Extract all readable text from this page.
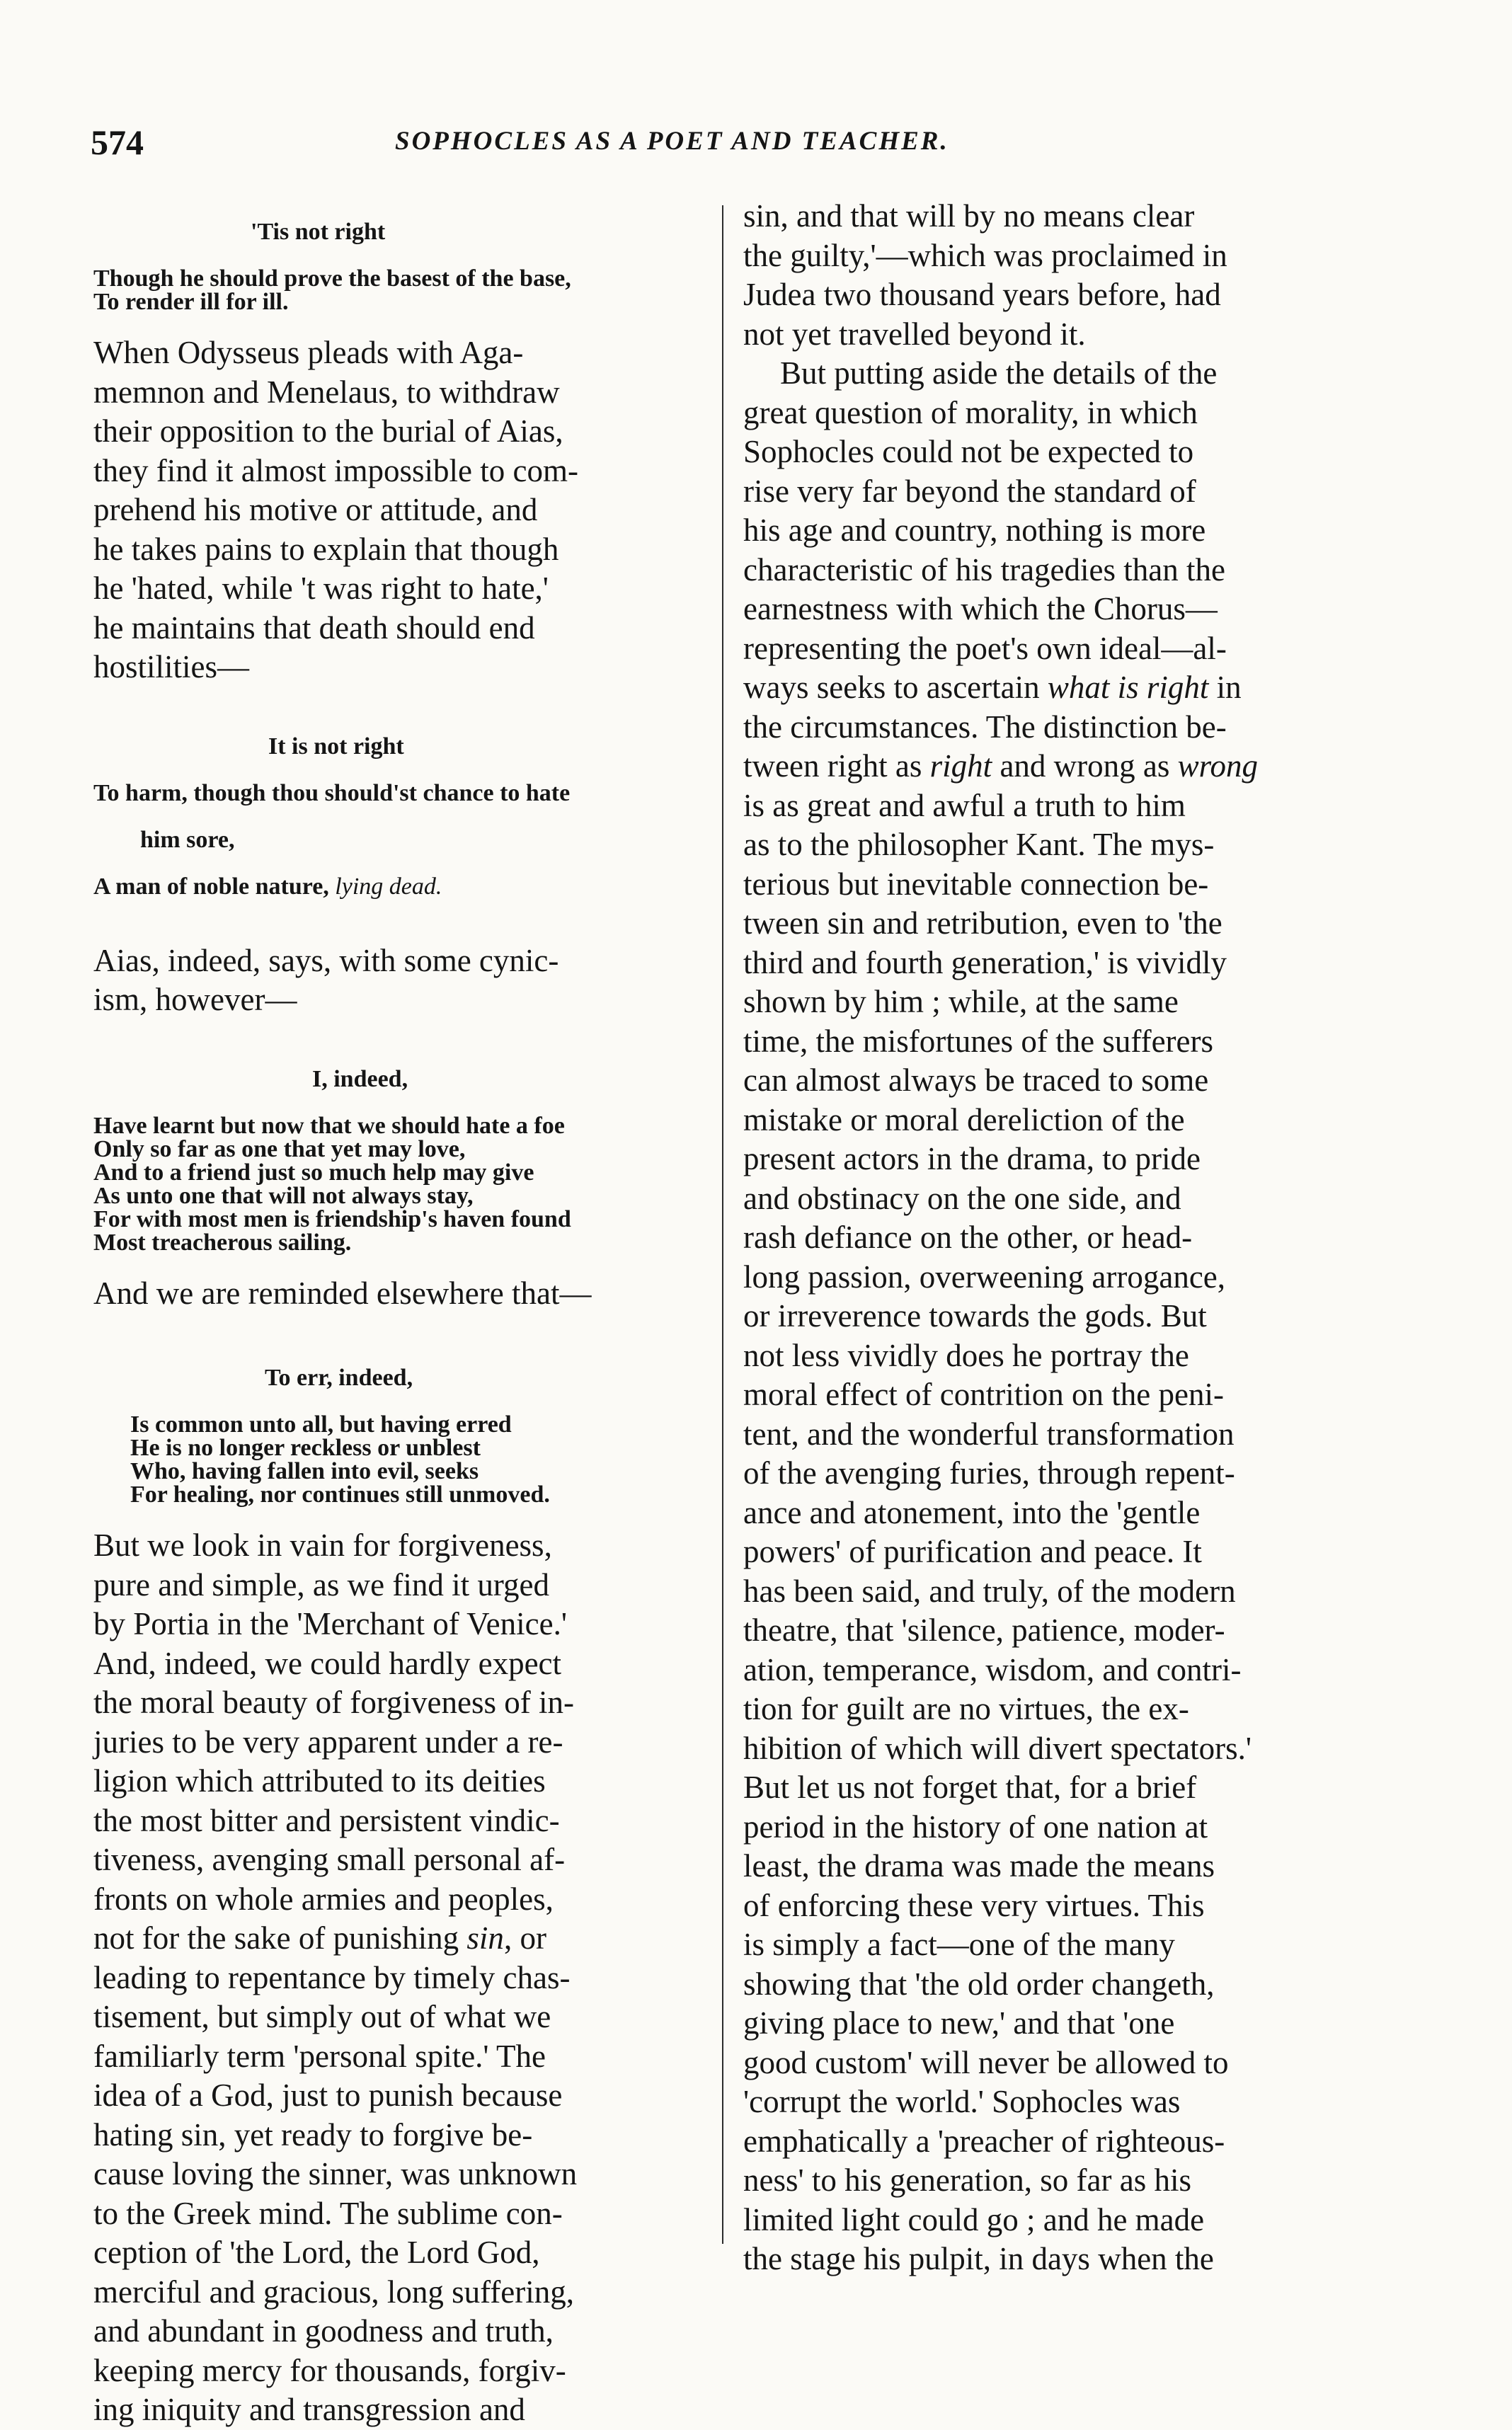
574	SOPHOCLES AS A POET AND TEACHER.

'Tis not right

Though he should prove the basest of the base,
To render ill for ill.

When Odysseus pleads with Aga-
memnon and Menelaus, to withdraw
their opposition to the burial of Aias,
they find it almost impossible to com-
prehend his motive or attitude, and
he takes pains to explain that though
he 'hated, while 't was right to hate,'
he maintains that death should end
hostilities—

It is not right

To harm, though thou should'st chance to hate

him sore,

A man of noble nature, lying dead.

Aias, indeed, says, with some cynic-
ism, however—

I, indeed,

Have learnt but now that we should hate a foe
Only so far as one that yet may love,
And to a friend just so much help may give
As unto one that will not always stay,
For with most men is friendship's haven found
Most treacherous sailing.

And we are reminded elsewhere that—

To err, indeed,

Is common unto all, but having erred
He is no longer reckless or unblest
Who, having fallen into evil, seeks
For healing, nor continues still unmoved.

But we look in vain for forgiveness,
pure and simple, as we find it urged
by Portia in the 'Merchant of Venice.'
And, indeed, we could hardly expect
the moral beauty of forgiveness of in-
juries to be very apparent under a re-
ligion which attributed to its deities
the most bitter and persistent vindic-
tiveness, avenging small personal af-
fronts on whole armies and peoples,
not for the sake of punishing sin, or
leading to repentance by timely chas-
tisement, but simply out of what we
familiarly term 'personal spite.' The
idea of a God, just to punish because
hating sin, yet ready to forgive be-
cause loving the sinner, was unknown
to the Greek mind. The sublime con-
ception of 'the Lord, the Lord God,
merciful and gracious, long suffering,
and abundant in goodness and truth,
keeping mercy for thousands, forgiv-
ing iniquity and transgression and

sin, and that will by no means clear
the guilty,'—which was proclaimed in
Judea two thousand years before, had
not yet travelled beyond it.

But putting aside the details of the
great question of morality, in which
Sophocles could not be expected to
rise very far beyond the standard of
his age and country, nothing is more
characteristic of his tragedies than the
earnestness with which the Chorus—
representing the poet's own ideal—al-
ways seeks to ascertain what is right in
the circumstances. The distinction be-
tween right as right and wrong as wrong
is as great and awful a truth to him
as to the philosopher Kant. The mys-
terious but inevitable connection be-
tween sin and retribution, even to 'the
third and fourth generation,' is vividly
shown by him ; while, at the same
time, the misfortunes of the sufferers
can almost always be traced to some
mistake or moral dereliction of the
present actors in the drama, to pride
and obstinacy on the one side, and
rash defiance on the other, or head-
long passion, overweening arrogance,
or irreverence towards the gods. But
not less vividly does he portray the
moral effect of contrition on the peni-
tent, and the wonderful transformation
of the avenging furies, through repent-
ance and atonement, into the 'gentle
powers' of purification and peace. It
has been said, and truly, of the modern
theatre, that 'silence, patience, moder-
ation, temperance, wisdom, and contri-
tion for guilt are no virtues, the ex-
hibition of which will divert spectators.'
But let us not forget that, for a brief
period in the history of one nation at
least, the drama was made the means
of enforcing these very virtues. This
is simply a fact—one of the many
showing that 'the old order changeth,
giving place to new,' and that 'one
good custom' will never be allowed to
'corrupt the world.' Sophocles was
emphatically a 'preacher of righteous-
ness' to his generation, so far as his
limited light could go ; and he made
the stage his pulpit, in days when the
